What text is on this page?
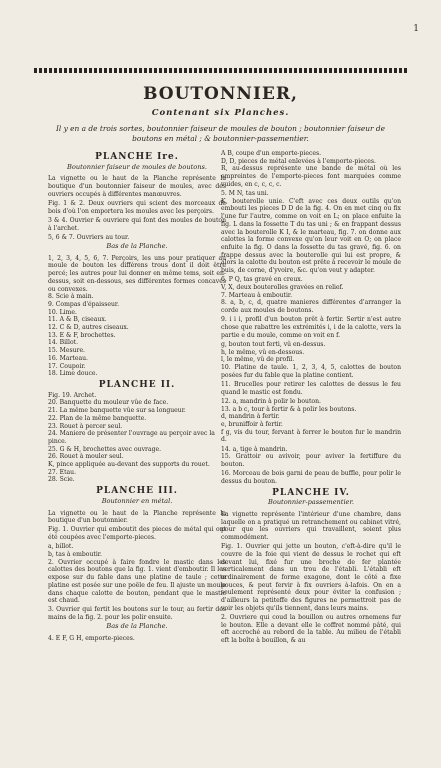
1
BOUTONNIER,
Contenant six Planches.
Il y en a de trois sortes, boutonnier faiseur de moules de bouton ; boutonnier faiseur de boutons en métal ; & boutonnier-passementier.
PLANCHE Ire.
Boutonnier faiseur de moules de boutons.

La vignette ou le haut de la Planche représente la boutique d'un boutonnier faiseur de moules, avec des ouvriers occupés à différentes manœuvres.

Fig. 1 & 2. Deux ouvriers qui scient des morceaux de bois d'où l'on emportera les moules avec les perçoirs.

3 & 4. Ouvrier & ouvriere qui font des moules de bouton à l'archet.

5, 6 & 7. Ouvriers au tour.

Bas de la Planche.

1, 2, 3, 4, 5, 6, 7. Perçoirs, les uns pour pratiquer au moule de bouton les différens trous dont il doit être percé; les autres pour lui donner en même tems, soit en-dessus, soit en-dessous, ses différentes formes concaves ou convexes.

8. Scie à main.

9. Compas d'épaisseur.

10. Lime.

11. A & B, ciseaux.

12. C & D, autres ciseaux.

13. E & F, brochettes.

14. Billot.

15. Mesure.

16. Marteau.

17. Coupoir.

18. Lime douce.

PLANCHE II.

Fig. 19. Archet.

20. Banquette du mouleur vûe de face.

21. La même banquette vûe sur sa longueur.

22. Plan de la même banquette.

23. Rouet à percer seul.

24. Maniere de présenter l'ouvrage au perçoir avec la pince.

25. G & H, brochettes avec ouvrage.

26. Rouet à mouler seul.

K, pince appliquée au-devant des supports du rouet.

27. Etau.

28. Scie.

PLANCHE III.
Boutonnier en métal.

La vignette ou le haut de la Planche représente la boutique d'un boutonnier.

Fig. 1. Ouvrier qui emboutit des pieces de métal qui ont été coupées avec l'emporte-pieces.

a, billot.

b, tas à emboutir.

2. Ouvrier occupé à faire fondre le mastic dans les calottes des boutons que la fig. 1. vient d'emboutir. Il les expose sur du fable dans une platine de taule ; cette platine est posée sur une poële de feu. Il ajuste un moule dans chaque calotte de bouton, pendant que le mastic est chaud.

3. Ouvrier qui fertit les boutons sur le tour, au fertir des mains de la fig. 2. pour les polir ensuite.

Bas de la Planche.

4. E F, G H, emporte-pieces.

A B, coupe d'un emporte-pieces.

D, D, pieces de métal enlevées à l'emporte-pieces.

R, au-dessus représente une bande de métal où les empreintes de l'emporte-pieces font marquées comme vuides, en c, c, c, c.

5. M N, tas uni.

K, bouterolle unie. C'eft avec ces deux outils qu'on embouti les pieces D D de la fig. 4. On en met cinq ou fix l'une fur l'autre, comme on voit en L; on place enfuite la fig. L dans la fossette T du tas uni ; & en frappant dessus avec la bouterolle K I, & le marteau, fig. 7. on donne aux calottes la forme convexe qu'on leur voit en O; on place enfuite la fig. O dans la fossette du tas gravé, fig. 6. on frappe dessus avec la bouterolle qui lui est propre, & alors la calotte du bouton est prête à recevoir le moule de buis, de corne, d'yvoire, &c. qu'on veut y adapter.

6. P Q, tas gravé en creux.

V, X, deux bouterolles gravées en relief.

7. Marteau à emboutir.

8. a, b, c, d, quatre manieres différentes d'arranger la corde aux moules de boutons.

9. i i i, profil d'un bouton prêt à fertir. Sertir n'est autre chose que rabattre les extrémités i, i de la calotte, vers la partie e du moule, comme on voit en f.

g, bouton tout ferti, vû en-dessus.

h, le même, vû en-dessous.

l, le même, vû de profil.

10. Platine de taule. 1, 2, 3, 4, 5, calottes de bouton posées fur du fable que la platine contient.

11. Brucelles pour retirer les calottes de dessus le feu quand le mastic est fondu.

12. a, mandrin à polir le bouton.

13. a b c, tour à fertir & à polir les boutons.

d, mandrin à fertir.

e, bruniffoir à fertir.

f g, vis du tour, fervant à ferrer le bouton fur le mandrin d.

14. a, tige à mandrin.

15. Grattoir ou avivoir, pour aviver la fertiffure du bouton.

16. Morceau de bois garni de peau de buffle, pour polir le dessus du bouton.

PLANCHE IV.
Boutonnier-passementier.

La vignette représente l'intérieur d'une chambre, dans laquelle on a pratiqué un retranchement ou cabinet vitré, pour que les ouvriers qui travaillent, soient plus commodément.

Fig. 1. Ouvrier qui jette un bouton, c'eft-à-dire qu'il le couvre de la foie qui vient de dessus le rochet qui eft devant lui, fixé fur une broche de fer plantée verticalement dans un trou de l'établi. L'établi eft ordinairement de forme exagone, dont le côté a fixe pouces, & peut fervir à fix ouvriers à-lafois. On en a seulement représenté deux pour éviter la confusion ; d'ailleurs la petiteffe des figures ne permettroit pas de voir les objets qu'ils tiennent, dans leurs mains.

2. Ouvriere qui coud la bouillon ou autres ornemens fur le bouton. Elle a devant elle le coffret nommé pâté, qui eft accroché au rebord de la table. Au milieu de l'établi eft la boîte à bouillon, & au
